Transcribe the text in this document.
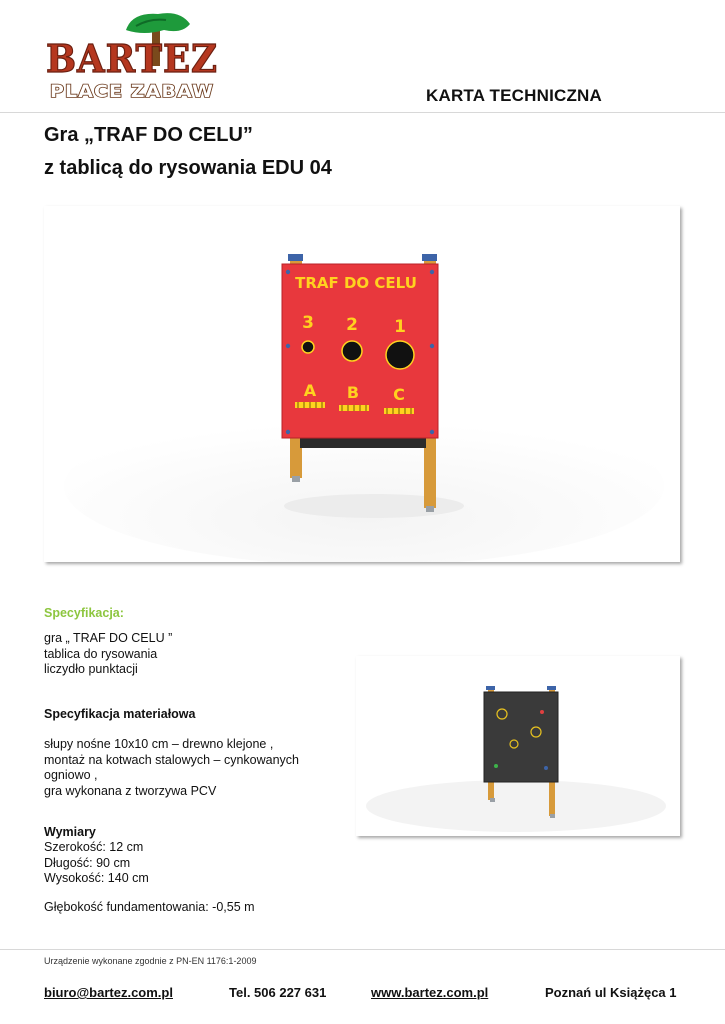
BARTEZ
PLACE ZABAW	KARTA TECHNICZNA
Gra „TRAF DO CELU”
z tablicą do rysowania EDU 04
TRAF DO CELU
3 2 1
A B C
Specyfikacja:
gra „ TRAF DO CELU ”
tablica do rysowania
liczydło punktacji
Specyfikacja materiałowa
słupy nośne 10x10 cm – drewno klejone ,
montaż na kotwach stalowych – cynkowanych
ogniowo ,
gra wykonana z tworzywa PCV
Wymiary
Szerokość: 12 cm
Długość: 90 cm
Wysokość: 140 cm
Głębokość fundamentowania: -0,55 m
Urządzenie wykonane zgodnie z PN-EN 1176:1-2009
biuro@bartez.com.pl	Tel. 506 227 631	www.bartez.com.pl	Poznań ul Książęca 1
